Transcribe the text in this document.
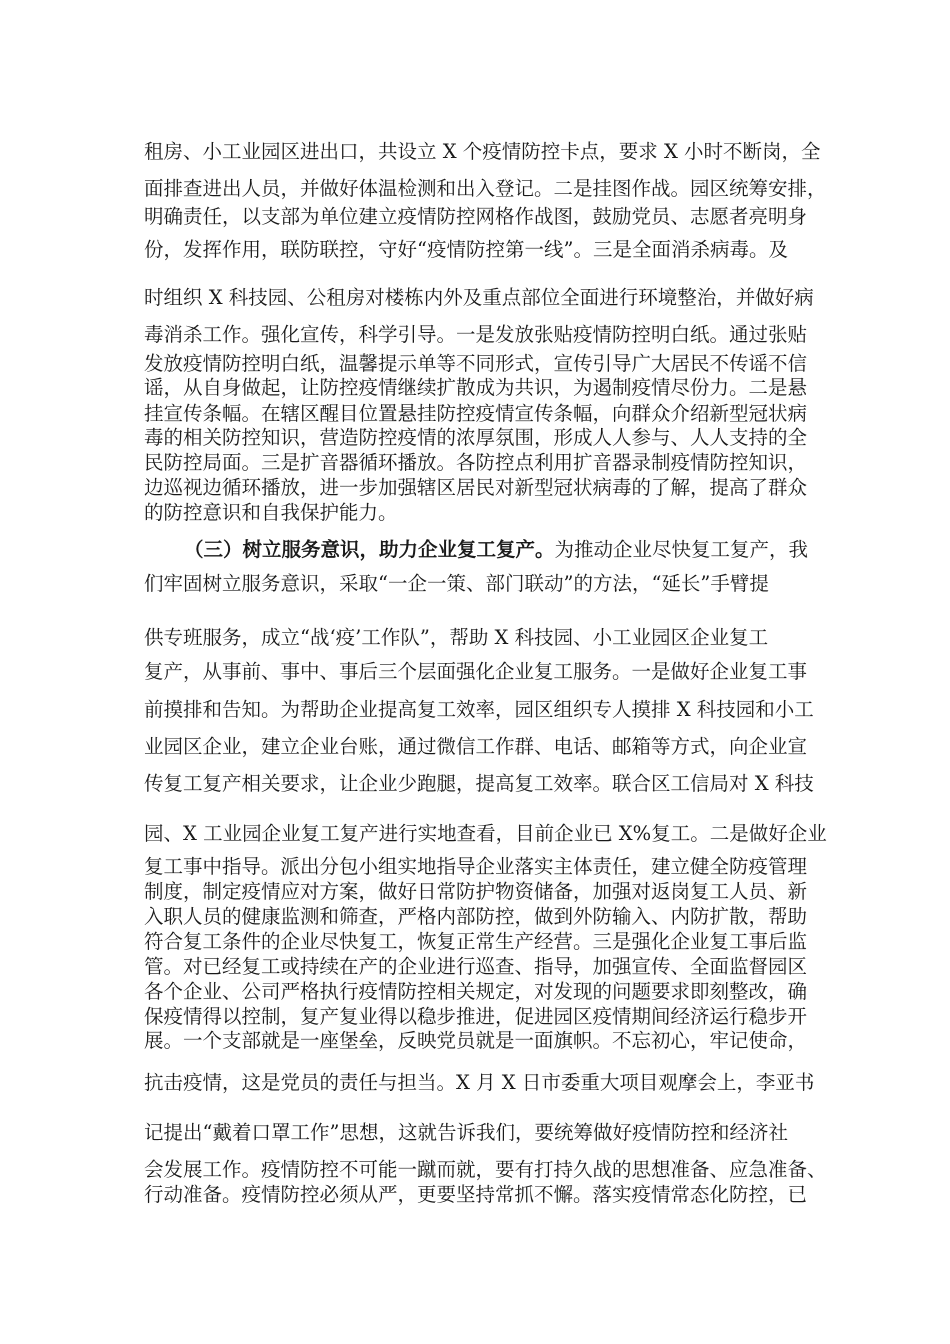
租房、小工业园区进出口，共设立 X 个疫情防控卡点，要求 X 小时不断岗，全
面排查进出人员，并做好体温检测和出入登记。二是挂图作战。园区统筹安排，
明确责任，以支部为单位建立疫情防控网格作战图，鼓励党员、志愿者亮明身
份，发挥作用，联防联控，守好“疫情防控第一线”。三是全面消杀病毒。及
时组织 X 科技园、公租房对楼栋内外及重点部位全面进行环境整治，并做好病
毒消杀工作。强化宣传，科学引导。一是发放张贴疫情防控明白纸。通过张贴
发放疫情防控明白纸，温馨提示单等不同形式，宣传引导广大居民不传谣不信
谣，从自身做起，让防控疫情继续扩散成为共识，为遏制疫情尽份力。二是悬
挂宣传条幅。在辖区醒目位置悬挂防控疫情宣传条幅，向群众介绍新型冠状病
毒的相关防控知识，营造防控疫情的浓厚氛围，形成人人参与、人人支持的全
民防控局面。三是扩音器循环播放。各防控点利用扩音器录制疫情防控知识，
边巡视边循环播放，进一步加强辖区居民对新型冠状病毒的了解，提高了群众
的防控意识和自我保护能力。
（三）树立服务意识，助力企业复工复产。为推动企业尽快复工复产，我
们牢固树立服务意识，采取“一企一策、部门联动”的方法，“延长”手臂提
供专班服务，成立“战‘疫’工作队”，帮助 X 科技园、小工业园区企业复工
复产，从事前、事中、事后三个层面强化企业复工服务。一是做好企业复工事
前摸排和告知。为帮助企业提高复工效率，园区组织专人摸排 X 科技园和小工
业园区企业，建立企业台账，通过微信工作群、电话、邮箱等方式，向企业宣
传复工复产相关要求，让企业少跑腿，提高复工效率。联合区工信局对 X 科技
园、X 工业园企业复工复产进行实地查看，目前企业已 X%复工。二是做好企业
复工事中指导。派出分包小组实地指导企业落实主体责任，建立健全防疫管理
制度，制定疫情应对方案，做好日常防护物资储备，加强对返岗复工人员、新
入职人员的健康监测和筛查，严格内部防控，做到外防输入、内防扩散，帮助
符合复工条件的企业尽快复工，恢复正常生产经营。三是强化企业复工事后监
管。对已经复工或持续在产的企业进行巡查、指导，加强宣传、全面监督园区
各个企业、公司严格执行疫情防控相关规定，对发现的问题要求即刻整改，确
保疫情得以控制，复产复业得以稳步推进，促进园区疫情期间经济运行稳步开
展。一个支部就是一座堡垒，反映党员就是一面旗帜。不忘初心，牢记使命，
抗击疫情，这是党员的责任与担当。X 月 X 日市委重大项目观摩会上，李亚书
记提出“戴着口罩工作”思想，这就告诉我们，要统筹做好疫情防控和经济社
会发展工作。疫情防控不可能一蹴而就，要有打持久战的思想准备、应急准备、
行动准备。疫情防控必须从严，更要坚持常抓不懈。落实疫情常态化防控，已
